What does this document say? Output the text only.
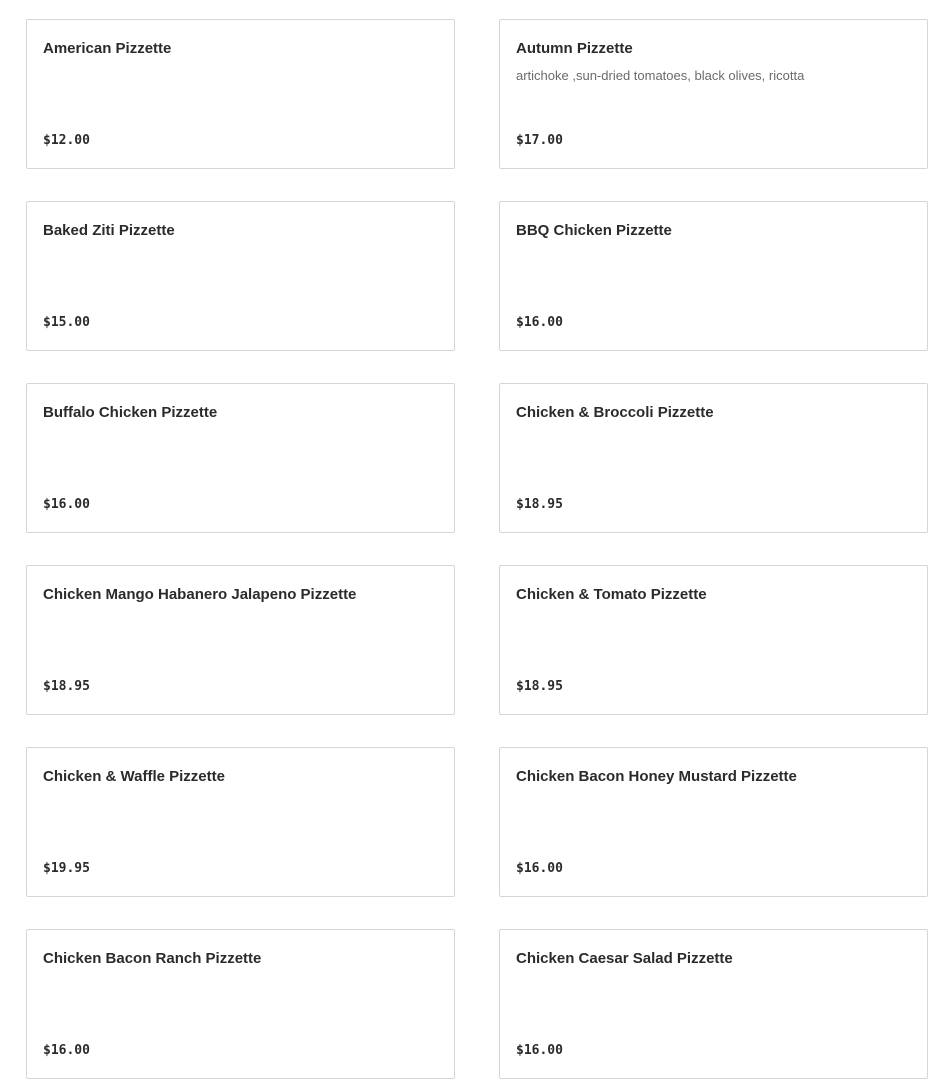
American Pizzette
$12.00
Autumn Pizzette
artichoke ,sun-dried tomatoes, black olives, ricotta
$17.00
Baked Ziti Pizzette
$15.00
BBQ Chicken Pizzette
$16.00
Buffalo Chicken Pizzette
$16.00
Chicken & Broccoli Pizzette
$18.95
Chicken Mango Habanero Jalapeno Pizzette
$18.95
Chicken & Tomato Pizzette
$18.95
Chicken & Waffle Pizzette
$19.95
Chicken Bacon Honey Mustard Pizzette
$16.00
Chicken Bacon Ranch Pizzette
$16.00
Chicken Caesar Salad Pizzette
$16.00
